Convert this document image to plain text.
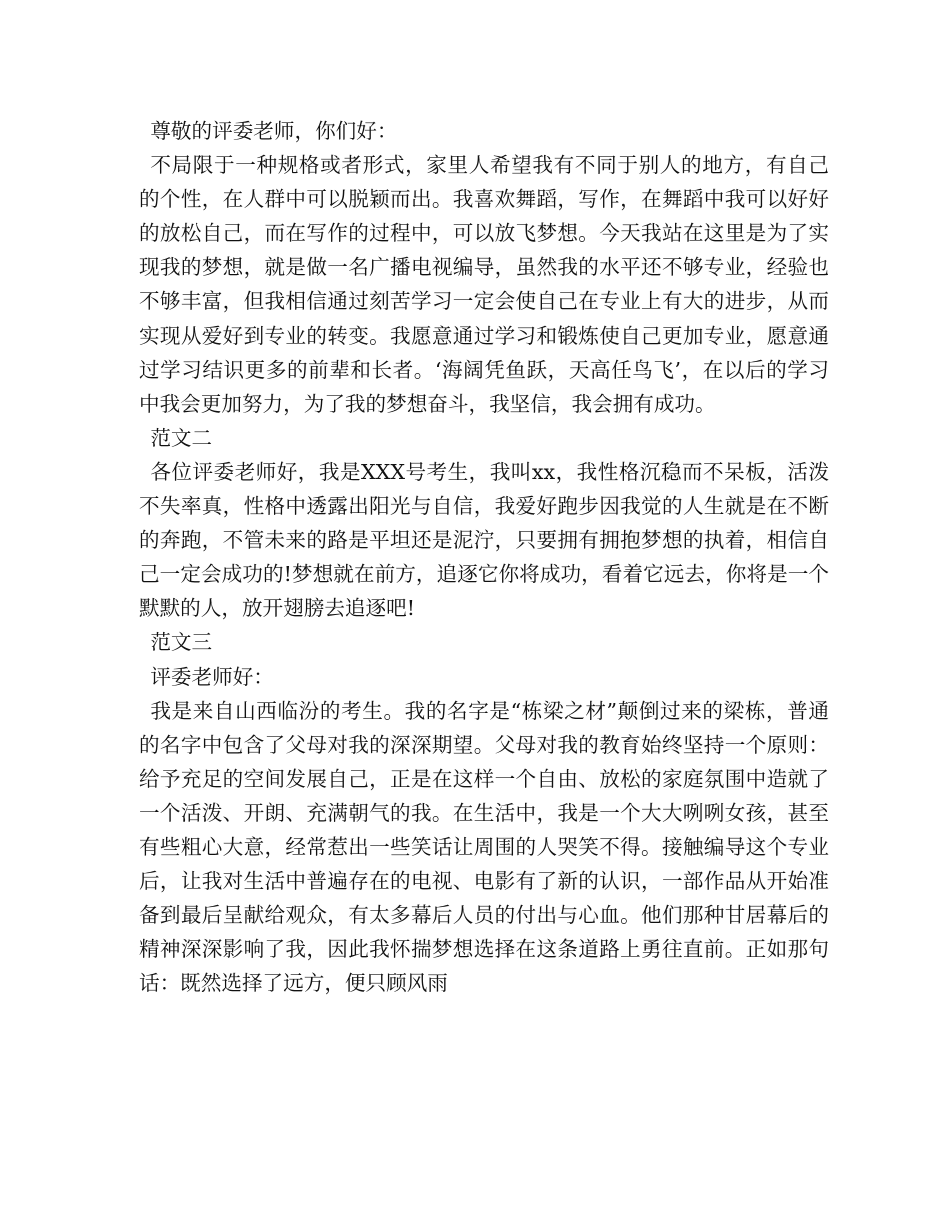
尊敬的评委老师，你们好：

不局限于一种规格或者形式，家里人希望我有不同于别人的地方，有自己的个性，在人群中可以脱颖而出。我喜欢舞蹈，写作，在舞蹈中我可以好好的放松自己，而在写作的过程中，可以放飞梦想。今天我站在这里是为了实现我的梦想，就是做一名广播电视编导，虽然我的水平还不够专业，经验也不够丰富，但我相信通过刻苦学习一定会使自己在专业上有大的进步，从而实现从爱好到专业的转变。我愿意通过学习和锻炼使自己更加专业，愿意通过学习结识更多的前辈和长者。‘海阔凭鱼跃，天高任鸟飞’，在以后的学习中我会更加努力，为了我的梦想奋斗，我坚信，我会拥有成功。

范文二

各位评委老师好，我是XXX号考生，我叫xx，我性格沉稳而不呆板，活泼不失率真，性格中透露出阳光与自信，我爱好跑步因我觉的人生就是在不断的奔跑，不管未来的路是平坦还是泥泞，只要拥有拥抱梦想的执着，相信自己一定会成功的!梦想就在前方，追逐它你将成功，看着它远去，你将是一个默默的人，放开翅膀去追逐吧!

范文三

评委老师好：

我是来自山西临汾的考生。我的名字是“栋梁之材”颠倒过来的梁栋，普通的名字中包含了父母对我的深深期望。父母对我的教育始终坚持一个原则：给予充足的空间发展自己，正是在这样一个自由、放松的家庭氛围中造就了一个活泼、开朗、充满朝气的我。在生活中，我是一个大大咧咧女孩，甚至有些粗心大意，经常惹出一些笑话让周围的人哭笑不得。接触编导这个专业后，让我对生活中普遍存在的电视、电影有了新的认识，一部作品从开始准备到最后呈献给观众，有太多幕后人员的付出与心血。他们那种甘居幕后的精神深深影响了我，因此我怀揣梦想选择在这条道路上勇往直前。正如那句话：既然选择了远方，便只顾风雨
